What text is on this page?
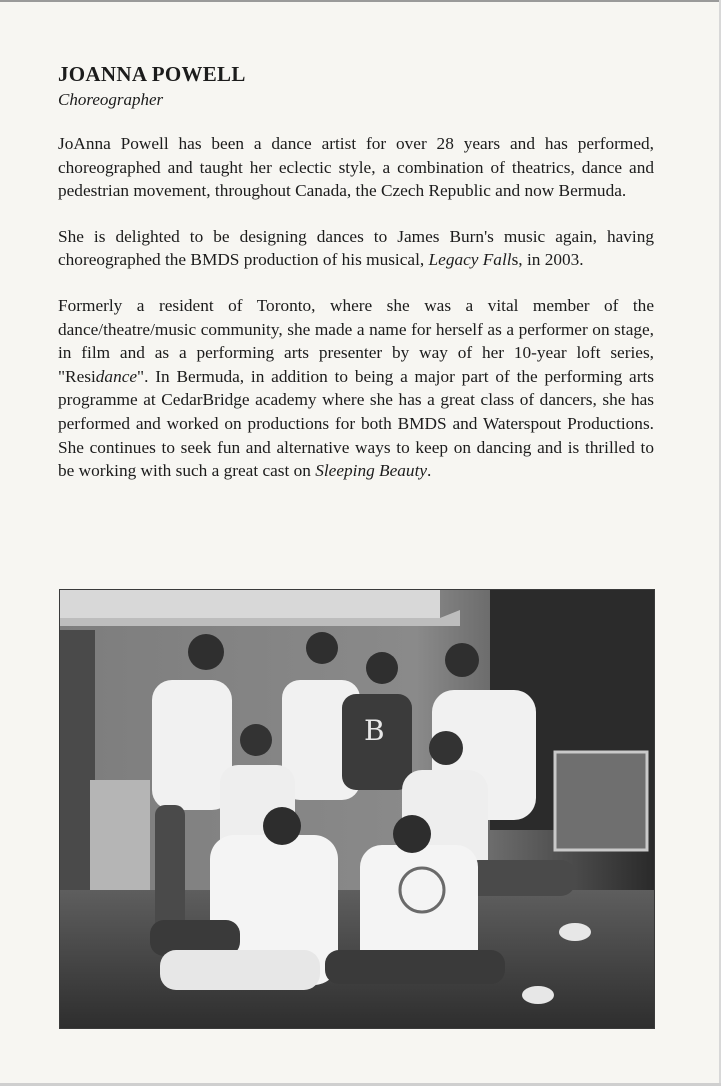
JOANNA POWELL

Choreographer

JoAnna Powell has been a dance artist for over 28 years and has performed, choreographed and taught her eclectic style, a combination of theatrics, dance and pedestrian movement, throughout Canada, the Czech Republic and now Bermuda.

She is delighted to be designing dances to James Burn's music again, having choreographed the BMDS production of his musical, Legacy Falls, in 2003.

Formerly a resident of Toronto, where she was a vital member of the dance/theatre/music community, she made a name for herself as a performer on stage, in film and as a performing arts presenter by way of her 10-year loft series, "Residance". In Bermuda, in addition to being a major part of the performing arts programme at CedarBridge academy where she has a great class of dancers, she has performed and worked on productions for both BMDS and Waterspout Productions. She continues to seek fun and alternative ways to keep on dancing and is thrilled to be working with such a great cast on Sleeping Beauty.

B
